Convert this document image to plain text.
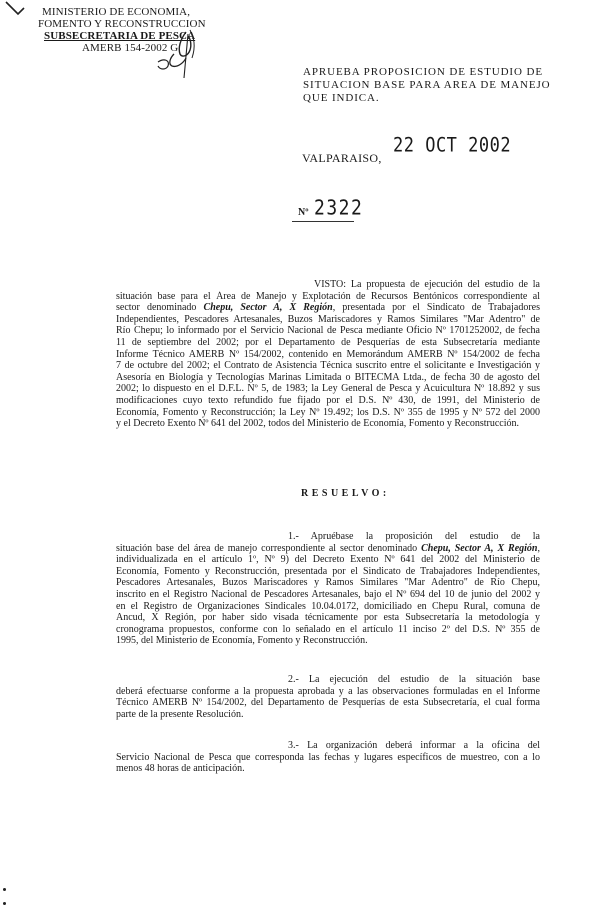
MINISTERIO DE ECONOMIA,
FOMENTO Y RECONSTRUCCION
SUBSECRETARIA DE PESCA
AMERB 154-2002 G
APRUEBA PROPOSICION DE ESTUDIO DE
SITUACION BASE PARA AREA DE MANEJO
QUE INDICA.
VALPARAISO,
22 OCT 2002
Nº 2322
VISTO: La propuesta de ejecución del estudio de la
situación base para el Área de Manejo y Explotación de Recursos Bentónicos correspondiente al
sector denominado Chepu, Sector A, X Región, presentada por el Sindicato de Trabajadores
Independientes, Pescadores Artesanales, Buzos Mariscadores y Ramos Similares "Mar Adentro" de
Río Chepu; lo informado por el Servicio Nacional de Pesca mediante Oficio Nº 1701252002, de fecha
11 de septiembre del 2002; por el Departamento de Pesquerías de esta Subsecretaría mediante
Informe Técnico AMERB Nº 154/2002, contenido en Memorándum AMERB Nº 154/2002 de fecha
7 de octubre del 2002; el Contrato de Asistencia Técnica suscrito entre el solicitante e Investigación y
Asesoría en Biología y Tecnologías Marinas Limitada o BITECMA Ltda., de fecha 30 de agosto del
2002; lo dispuesto en el D.F.L. Nº 5, de 1983; la Ley General de Pesca y Acuicultura Nº 18.892 y sus
modificaciones cuyo texto refundido fue fijado por el D.S. Nº 430, de 1991, del Ministerio de
Economía, Fomento y Reconstrucción; la Ley Nº 19.492; los D.S. Nº 355 de 1995 y Nº 572 del 2000
y el Decreto Exento Nº 641 del 2002, todos del Ministerio de Economía, Fomento y Reconstrucción.
RESUELVO:
1.- Apruébase la proposición del estudio de la
situación base del área de manejo correspondiente al sector denominado Chepu, Sector A, X Región,
individualizada en el artículo 1º, Nº 9) del Decreto Exento Nº 641 del 2002 del Ministerio de
Economía, Fomento y Reconstrucción, presentada por el Sindicato de Trabajadores Independientes,
Pescadores Artesanales, Buzos Mariscadores y Ramos Similares "Mar Adentro" de Río Chepu,
inscrito en el Registro Nacional de Pescadores Artesanales, bajo el Nº 694 del 10 de junio del 2002 y
en el Registro de Organizaciones Sindicales 10.04.0172, domiciliado en Chepu Rural, comuna de
Ancud, X Región, por haber sido visada técnicamente por esta Subsecretaría la metodología y
cronograma propuestos, conforme con lo señalado en el artículo 11 inciso 2º del D.S. Nº 355 de
1995, del Ministerio de Economía, Fomento y Reconstrucción.
2.- La ejecución del estudio de la situación base
deberá efectuarse conforme a la propuesta aprobada y a las observaciones formuladas en el Informe
Técnico AMERB Nº 154/2002, del Departamento de Pesquerías de esta Subsecretaría, el cual forma
parte de la presente Resolución.
3.- La organización deberá informar a la oficina del
Servicio Nacional de Pesca que corresponda las fechas y lugares específicos de muestreo, con a lo
menos 48 horas de anticipación.
